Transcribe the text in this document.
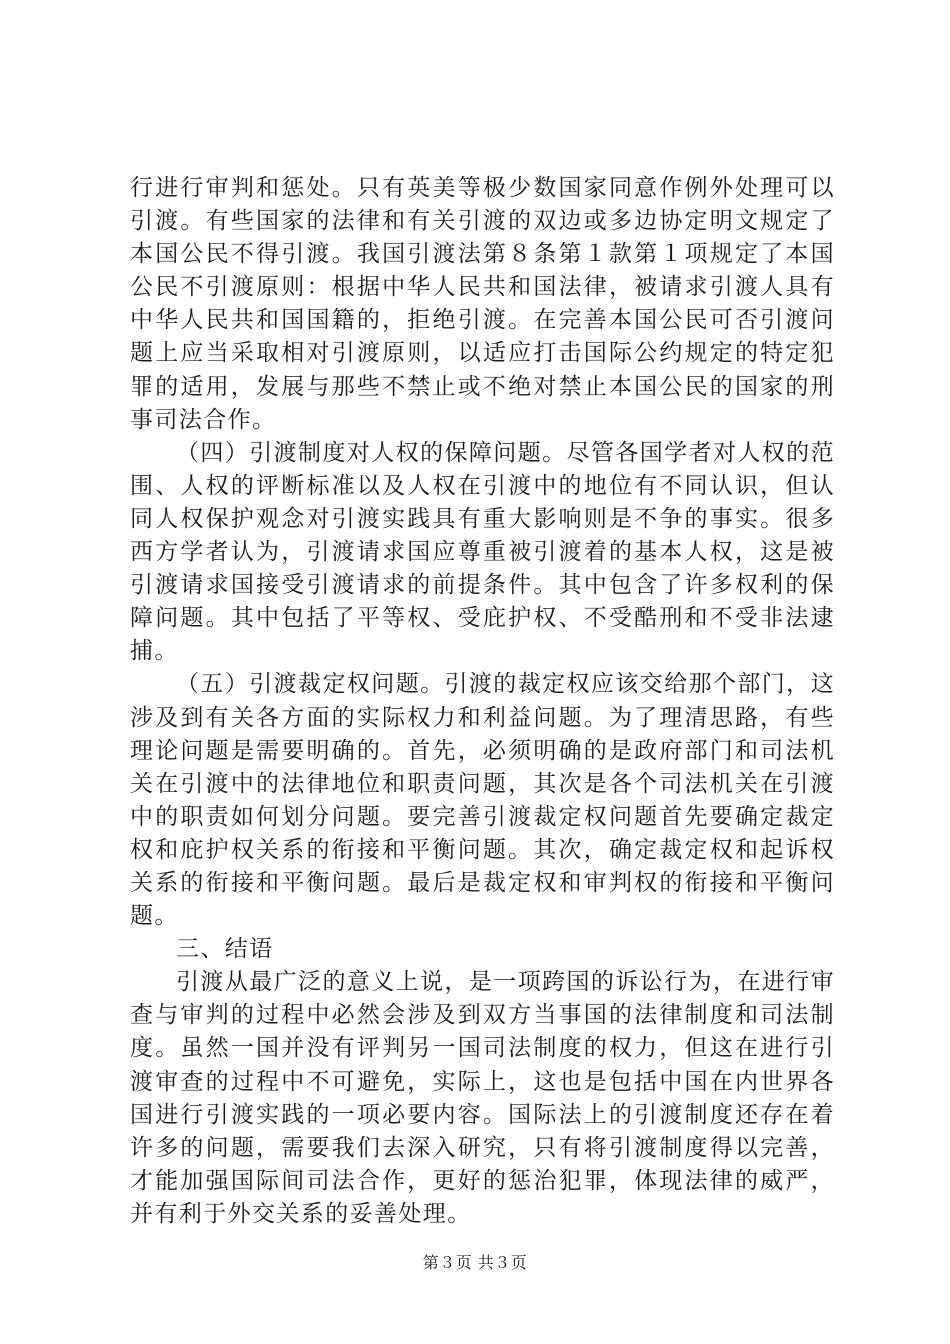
行进行审判和惩处。只有英美等极少数国家同意作例外处理可以引渡。有些国家的法律和有关引渡的双边或多边协定明文规定了本国公民不得引渡。我国引渡法第８条第１款第１项规定了本国公民不引渡原则：根据中华人民共和国法律，被请求引渡人具有中华人民共和国国籍的，拒绝引渡。在完善本国公民可否引渡问题上应当采取相对引渡原则，以适应打击国际公约规定的特定犯罪的适用，发展与那些不禁止或不绝对禁止本国公民的国家的刑事司法合作。

（四）引渡制度对人权的保障问题。尽管各国学者对人权的范围、人权的评断标准以及人权在引渡中的地位有不同认识，但认同人权保护观念对引渡实践具有重大影响则是不争的事实。很多西方学者认为，引渡请求国应尊重被引渡着的基本人权，这是被引渡请求国接受引渡请求的前提条件。其中包含了许多权利的保障问题。其中包括了平等权、受庇护权、不受酷刑和不受非法逮捕。

（五）引渡裁定权问题。引渡的裁定权应该交给那个部门，这涉及到有关各方面的实际权力和利益问题。为了理清思路，有些理论问题是需要明确的。首先，必须明确的是政府部门和司法机关在引渡中的法律地位和职责问题，其次是各个司法机关在引渡中的职责如何划分问题。要完善引渡裁定权问题首先要确定裁定权和庇护权关系的衔接和平衡问题。其次，确定裁定权和起诉权关系的衔接和平衡问题。最后是裁定权和审判权的衔接和平衡问题。

三、结语

引渡从最广泛的意义上说，是一项跨国的诉讼行为，在进行审查与审判的过程中必然会涉及到双方当事国的法律制度和司法制度。虽然一国并没有评判另一国司法制度的权力，但这在进行引渡审查的过程中不可避免，实际上，这也是包括中国在内世界各国进行引渡实践的一项必要内容。国际法上的引渡制度还存在着许多的问题，需要我们去深入研究，只有将引渡制度得以完善，才能加强国际间司法合作，更好的惩治犯罪，体现法律的威严，并有利于外交关系的妥善处理。

第３页 共３页
